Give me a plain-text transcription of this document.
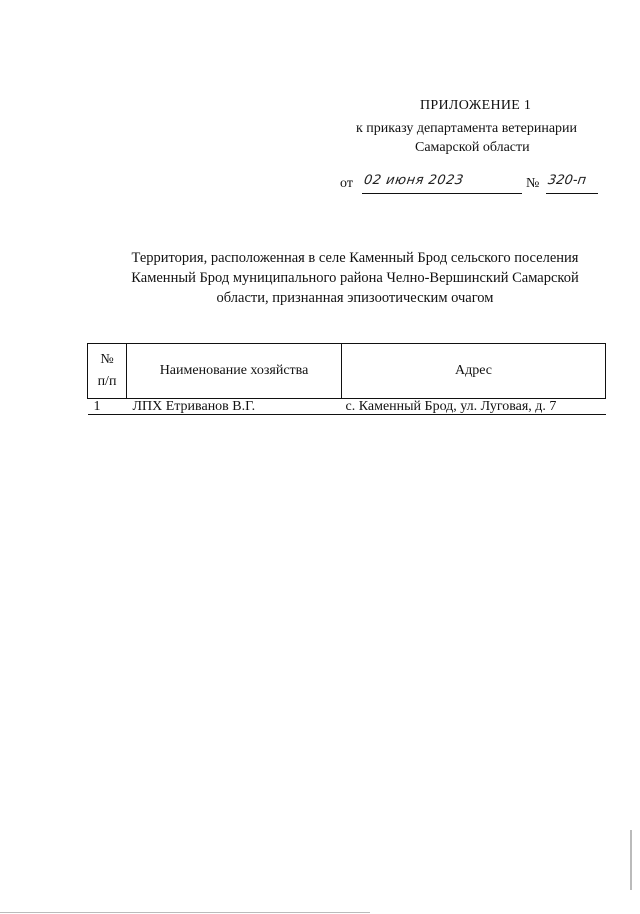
ПРИЛОЖЕНИЕ 1
к приказу департамента ветеринарии
Самарской области
от 02 июня 2023	№ 320-п
Территория, расположенная в селе Каменный Брод сельского поселения
Каменный Брод муниципального района Челно-Вершинский Самарской
области, признанная эпизоотическим очагом
№
п/п	Наименование хозяйства	Адрес
1	ЛПХ Етриванов В.Г.	с. Каменный Брод, ул. Луговая, д. 7
